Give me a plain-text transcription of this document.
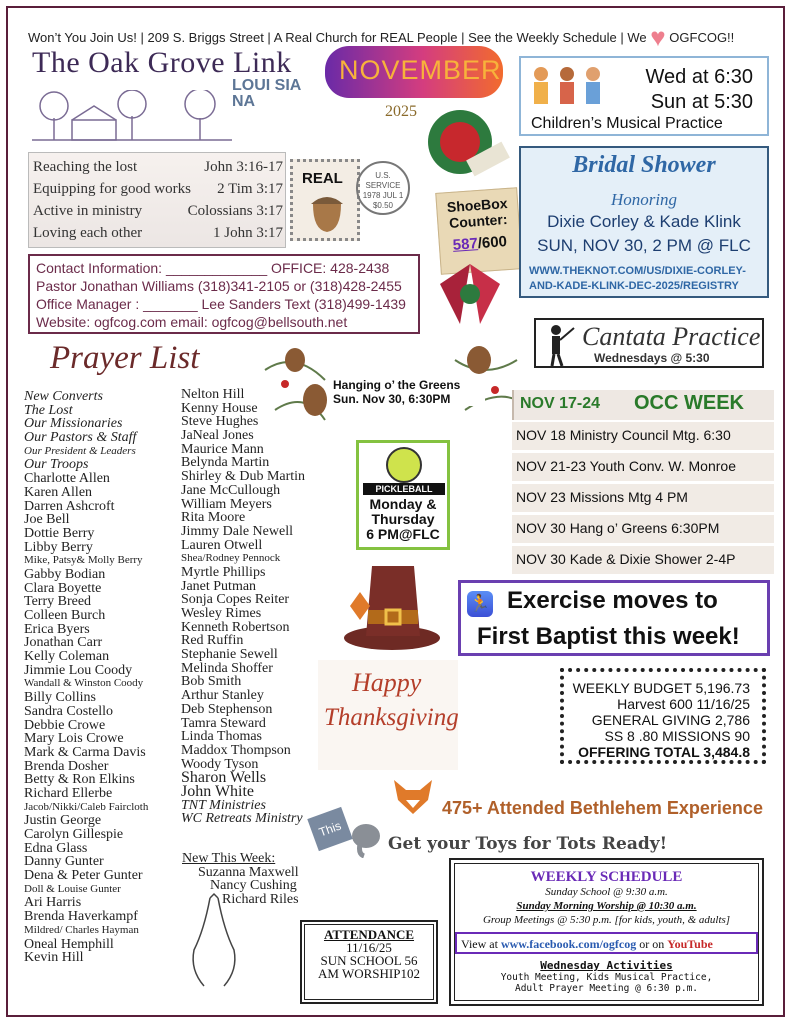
Won’t You Join Us! | 209 S. Briggs Street | A Real Church for REAL People | See the Weekly Schedule | We ♥ OGFCOG!!
The Oak Grove Link
LOUI SIA NA
NOVEMBER
2025
Wed at 6:30
Sun at 5:30
Children’s Musical Practice
Reaching the lost	John 3:16-17
Equipping for good works 2 Tim 3:17
Active in ministry	Colossians 3:17
Loving each other	1 John 3:17
REAL	U.S. SERVICE 1978 JUL 1 $0.50	ShoeBox Counter:
587/600
Bridal Shower
Honoring
Dixie Corley & Kade Klink
SUN, NOV 30, 2 PM @ FLC
WWW.THEKNOT.COM/US/DIXIE-CORLEY-
AND-KADE-KLINK-DEC-2025/REGISTRY
Contact Information: _____________ OFFICE: 428-2438
Pastor Jonathan Williams (318)341-2105 or (318)428-2455
Office Manager : _______ Lee Sanders Text (318)499-1439
Website: ogfcog.com email: ogfcog@bellsouth.net	Cantata Practice
Wednesdays @ 5:30
Prayer List
New Converts
The Lost
Our Missionaries
Our Pastors & Staff
Our President & Leaders
Our Troops
Charlotte Allen
Karen Allen
Darren Ashcroft
Joe Bell
Dottie Berry
Libby Berry
Mike, Patsy& Molly Berry
Gabby Bodian
Clara Boyette
Terry Breed
Colleen Burch
Erica Byers
Jonathan Carr
Kelly Coleman
Jimmie Lou Coody
Wandall & Winston Coody
Billy Collins
Sandra Costello
Debbie Crowe
Mary Lois Crowe
Mark & Carma Davis
Brenda Dosher
Betty & Ron Elkins
Richard Ellerbe
Jacob/Nikki/Caleb Faircloth
Justin George
Carolyn Gillespie
Edna Glass
Danny Gunter
Dena & Peter Gunter
Doll & Louise Gunter
Ari Harris
Brenda Haverkampf
Mildred/ Charles Hayman
Oneal Hemphill
Kevin Hill
Nelton Hill
Kenny House
Steve Hughes
JaNeal Jones
Maurice Mann
Belynda Martin
Shirley & Dub Martin
Jane McCullough
William Meyers
Rita Moore
Jimmy Dale Newell
Lauren Otwell
Shea/Rodney Pennock
Myrtle Phillips
Janet Putman
Sonja Copes Reiter
Wesley Rimes
Kenneth Robertson
Red Ruffin
Stephanie Sewell
Melinda Shoffer
Bob Smith
Arthur Stanley
Deb Stephenson
Tamra Steward
Linda Thomas
Maddox Thompson
Woody Tyson
Sharon Wells
John White
TNT Ministries
WC Retreats Ministry
New This Week:
Suzanna Maxwell
Nancy Cushing
Richard Riles
Hanging o’ the Greens
Sun. Nov 30, 6:30PM	NOV 17-24 OCC WEEK
NOV 18 Ministry Council Mtg. 6:30
NOV 21-23 Youth Conv. W. Monroe
NOV 23 Missions Mtg 4 PM
NOV 30 Hang o’ Greens 6:30PM
NOV 30 Kade & Dixie Shower 2-4P
PICKLEBALL
Monday &
Thursday
6 PM@FLC
🏃 Exercise moves to
First Baptist this week!
Happy
Thanksgiving
WEEKLY BUDGET 5,196.73
Harvest 600 11/16/25
GENERAL GIVING 2,786
SS 8 .80 MISSIONS 90
OFFERING TOTAL 3,484.8
475+ Attended Bethlehem Experience
This
Get your Toys for Tots Ready!
WEEKLY SCHEDULE
Sunday School @ 9:30 a.m.
Sunday Morning Worship @ 10:30 a.m.
Group Meetings @ 5:30 p.m. [for kids, youth, & adults]
View at www.facebook.com/ogfcog or on YouTube
Wednesday Activities
Youth Meeting, Kids Musical Practice,
Adult Prayer Meeting @ 6:30 p.m.
ATTENDANCE
11/16/25
SUN SCHOOL 56
AM WORSHIP102
